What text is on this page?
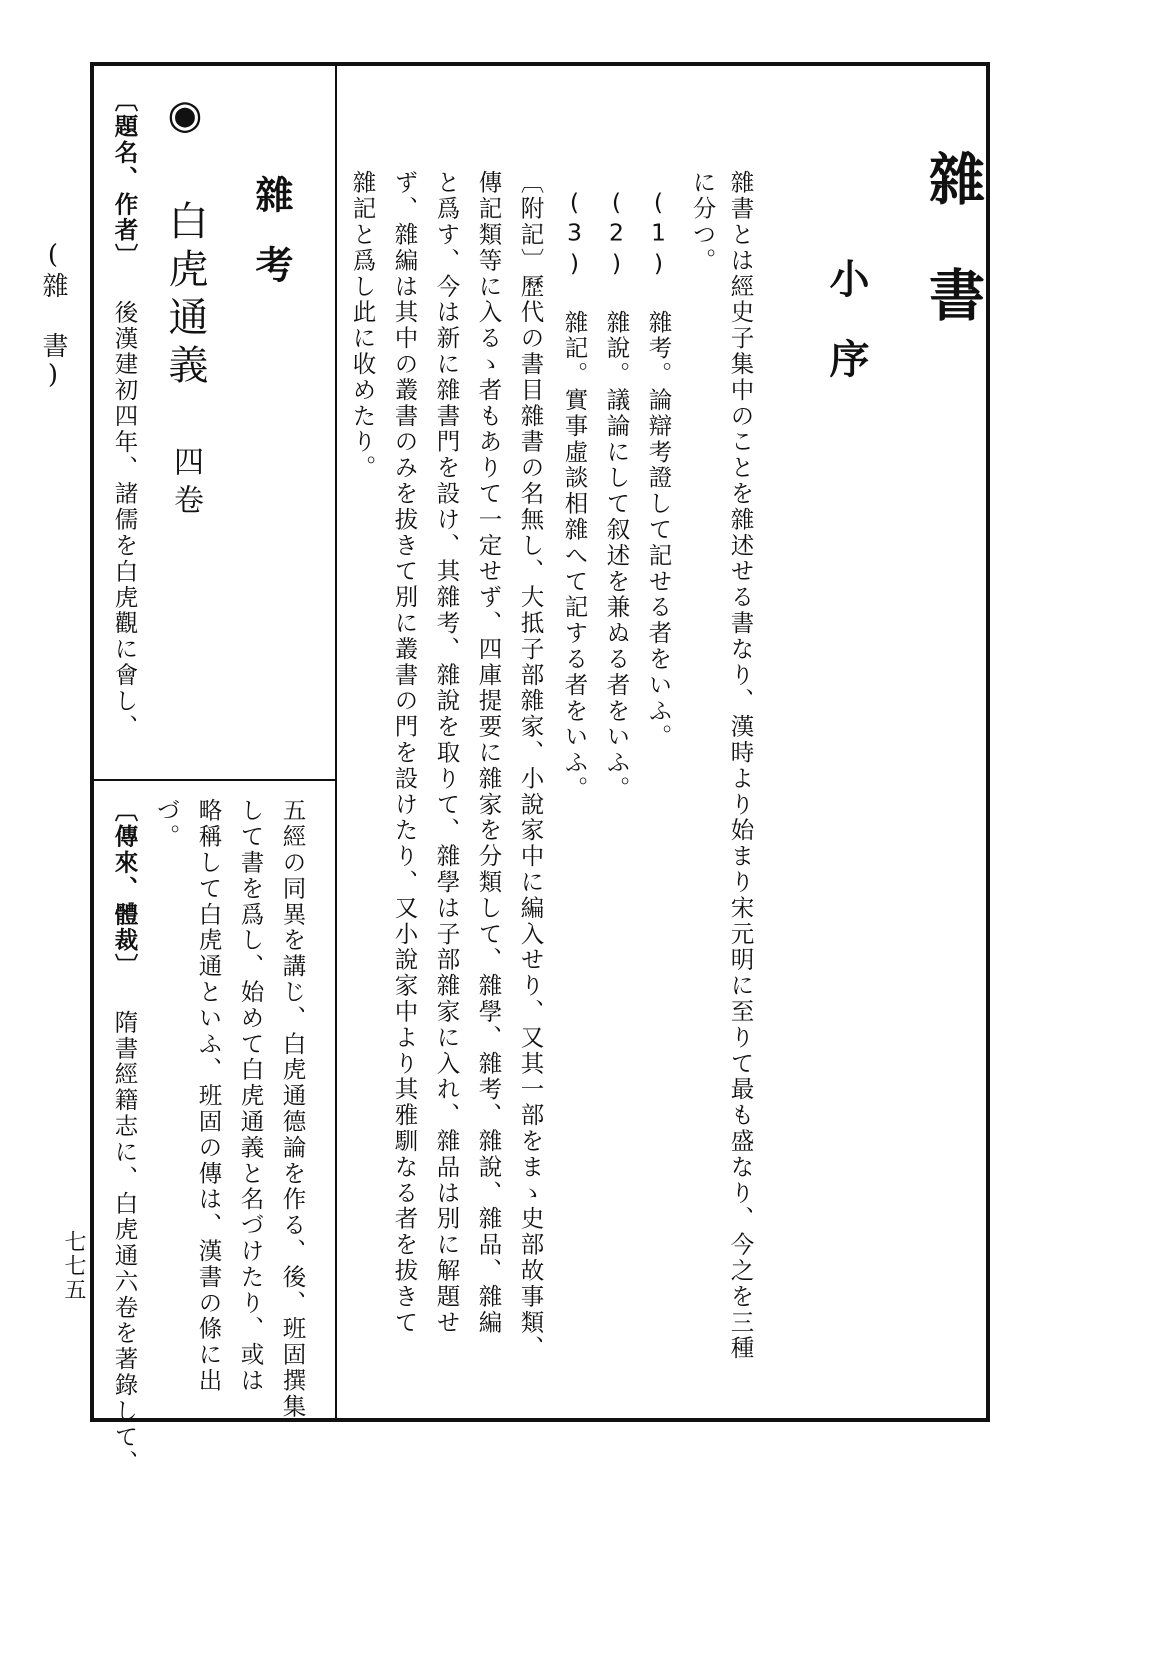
(雜 書)
七七五
雜書
小序
雜書とは經史子集中のことを雜述せる書なり、漢時より始まり宋元明に至りて最も盛なり、今之を三種
に分つ。
(1) 雜考。論辯考證して記せる者をいふ。
(2) 雜說。議論にして叙述を兼ぬる者をいふ。
(3) 雜記。實事虛談相雜へて記する者をいふ。
〔附記〕歷代の書目雜書の名無し、大抵子部雜家、小說家中に編入せり、又其一部をまゝ史部故事類、
傳記類等に入るゝ者もありて一定せず、四庫提要に雜家を分類して、雜學、雜考、雜說、雜品、雜編
と爲す、今は新に雜書門を設け、其雜考、雜說を取りて、雜學は子部雜家に入れ、雜品は別に解題せ
ず、雜編は其中の叢書のみを拔きて別に叢書の門を設けたり、又小說家中より其雅馴なる者を拔きて
雜記と爲し此に收めたり。
雜考
◉ 白虎通義 四卷
〔題名、作者〕 後漢建初四年、諸儒を白虎觀に會し、
五經の同異を講じ、白虎通德論を作る、後、班固撰集
して書を爲し、始めて白虎通義と名づけたり、或は
略稱して白虎通といふ、班固の傳は、漢書の條に出
づ。
〔傳來、體裁〕 隋書經籍志に、白虎通六卷を著錄して、
